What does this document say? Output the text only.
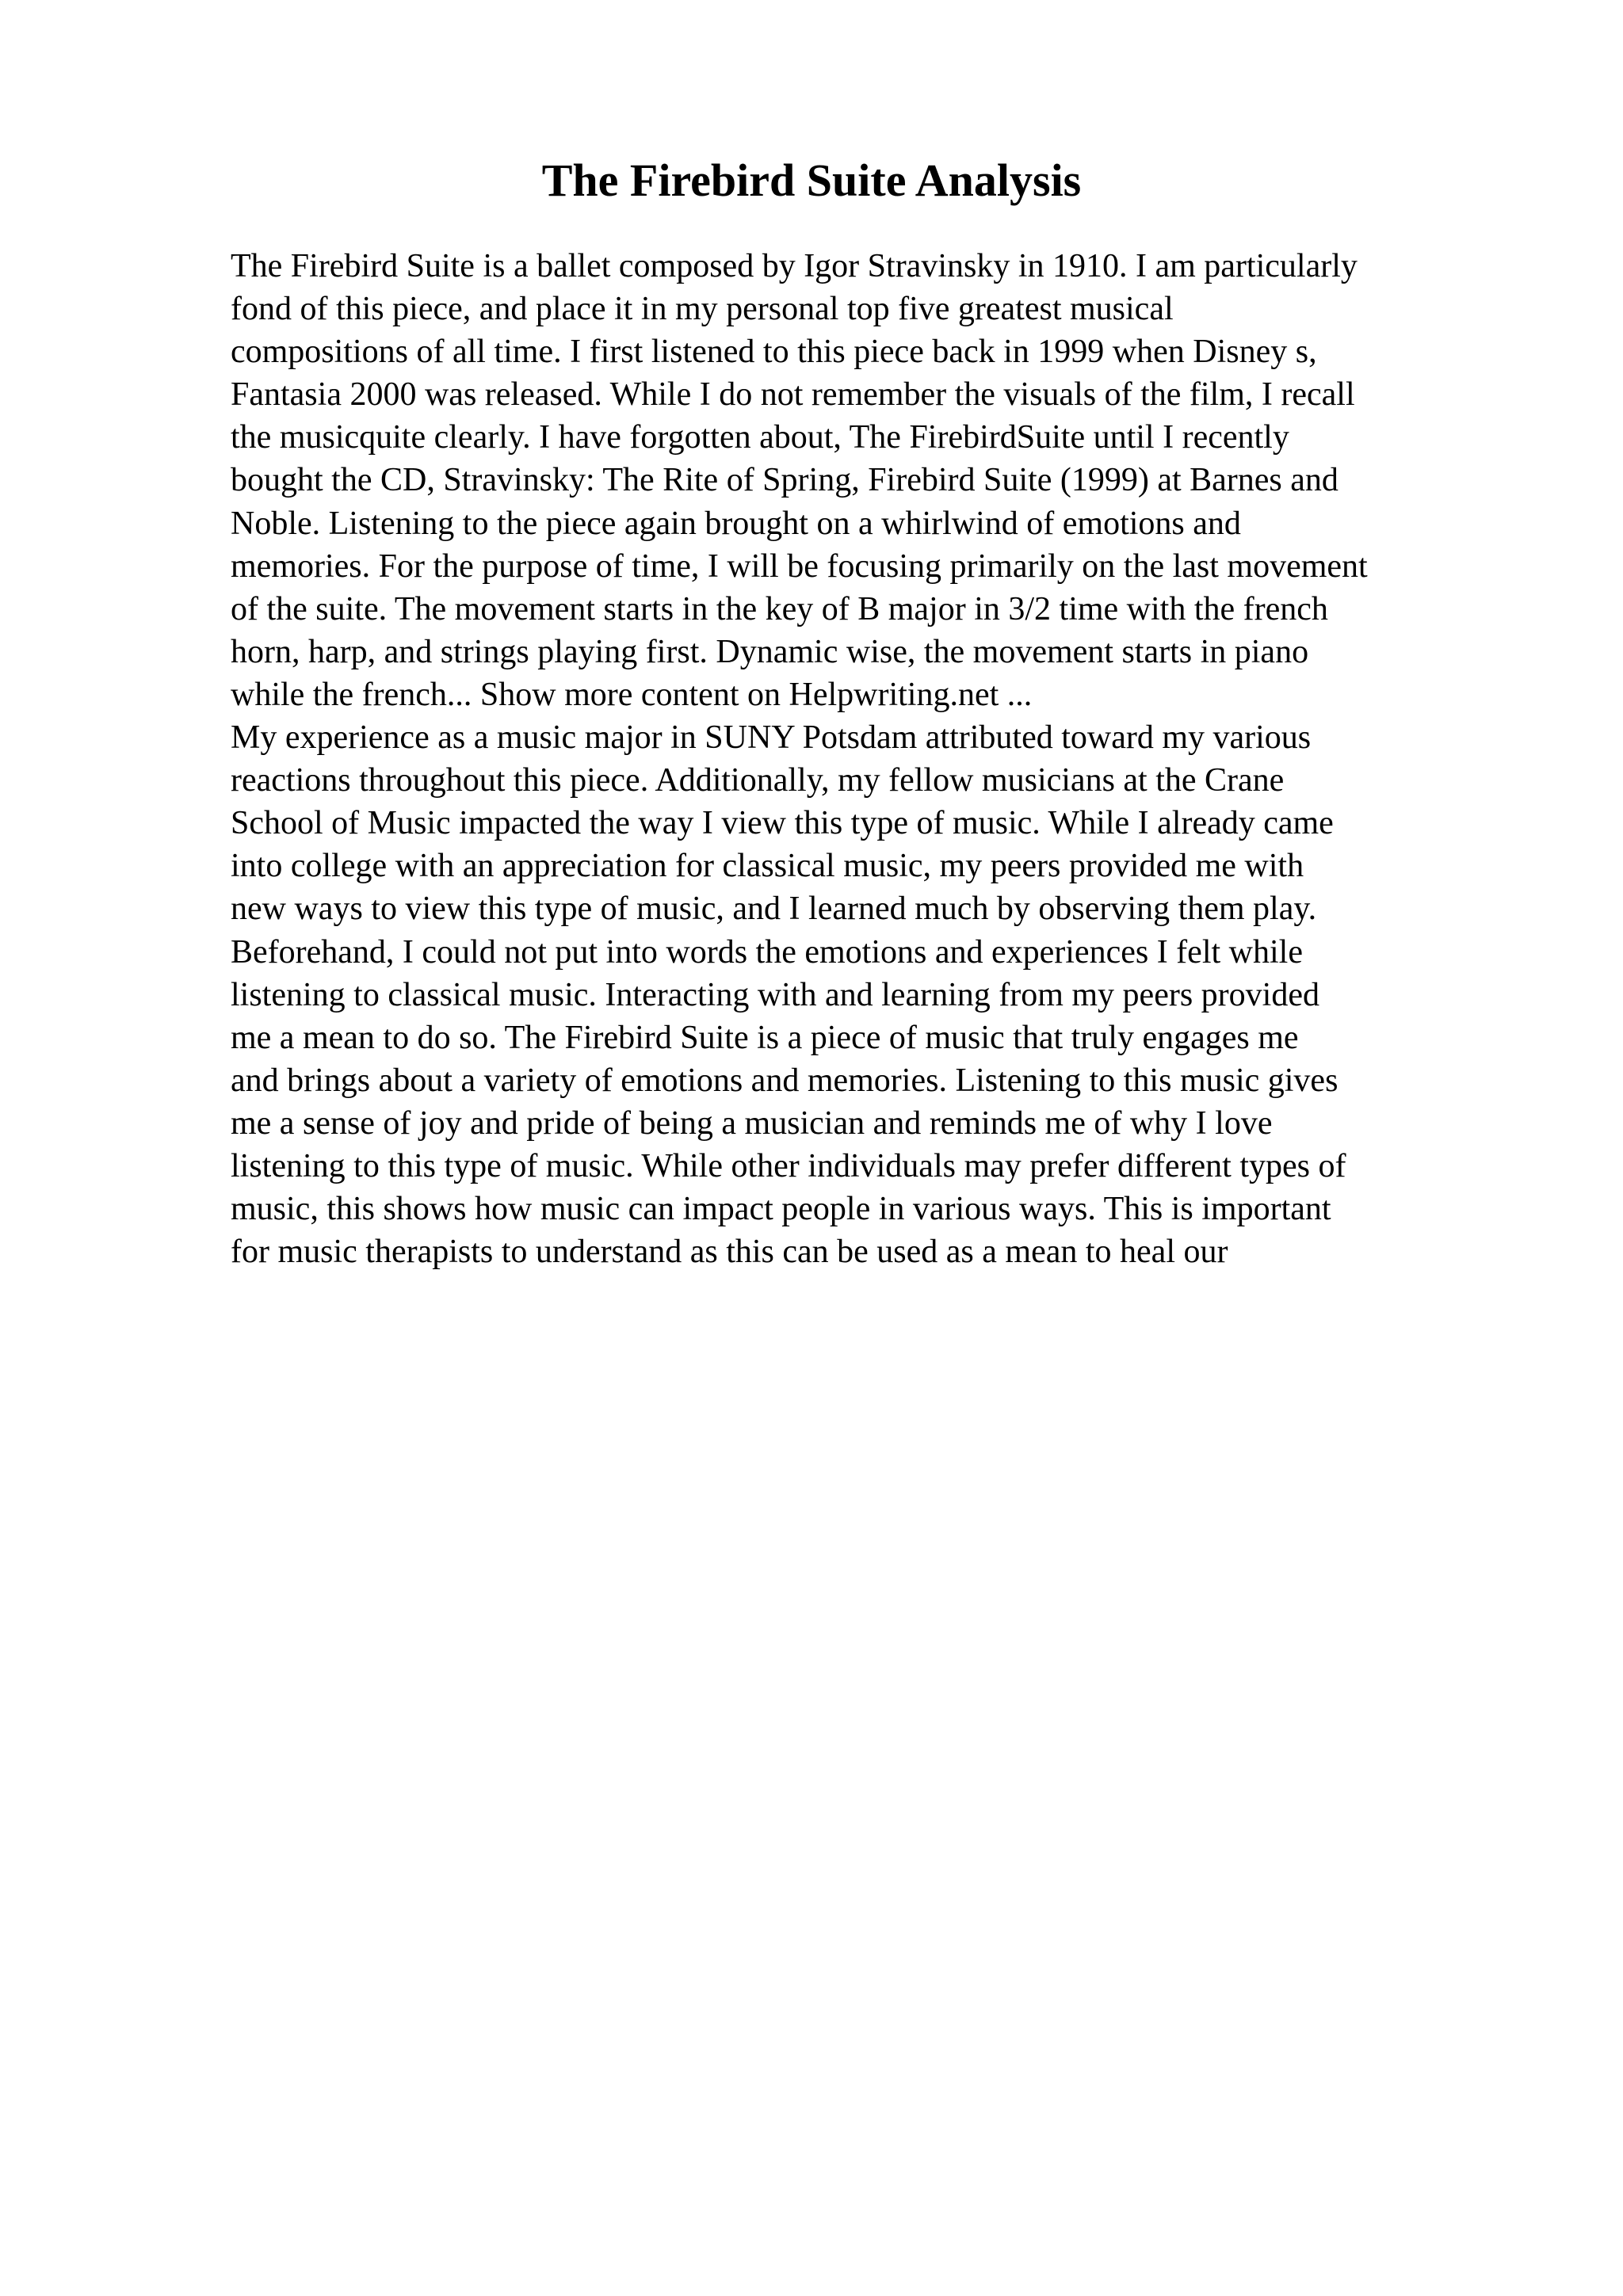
The Firebird Suite Analysis
The Firebird Suite is a ballet composed by Igor Stravinsky in 1910. I am particularly
fond of this piece, and place it in my personal top five greatest musical
compositions of all time. I first listened to this piece back in 1999 when Disney s,
Fantasia 2000 was released. While I do not remember the visuals of the film, I recall
the musicquite clearly. I have forgotten about, The FirebirdSuite until I recently
bought the CD, Stravinsky: The Rite of Spring, Firebird Suite (1999) at Barnes and
Noble. Listening to the piece again brought on a whirlwind of emotions and
memories. For the purpose of time, I will be focusing primarily on the last movement
of the suite. The movement starts in the key of B major in 3/2 time with the french
horn, harp, and strings playing first. Dynamic wise, the movement starts in piano
while the french... Show more content on Helpwriting.net ...
My experience as a music major in SUNY Potsdam attributed toward my various
reactions throughout this piece. Additionally, my fellow musicians at the Crane
School of Music impacted the way I view this type of music. While I already came
into college with an appreciation for classical music, my peers provided me with
new ways to view this type of music, and I learned much by observing them play.
Beforehand, I could not put into words the emotions and experiences I felt while
listening to classical music. Interacting with and learning from my peers provided
me a mean to do so. The Firebird Suite is a piece of music that truly engages me
and brings about a variety of emotions and memories. Listening to this music gives
me a sense of joy and pride of being a musician and reminds me of why I love
listening to this type of music. While other individuals may prefer different types of
music, this shows how music can impact people in various ways. This is important
for music therapists to understand as this can be used as a mean to heal our
